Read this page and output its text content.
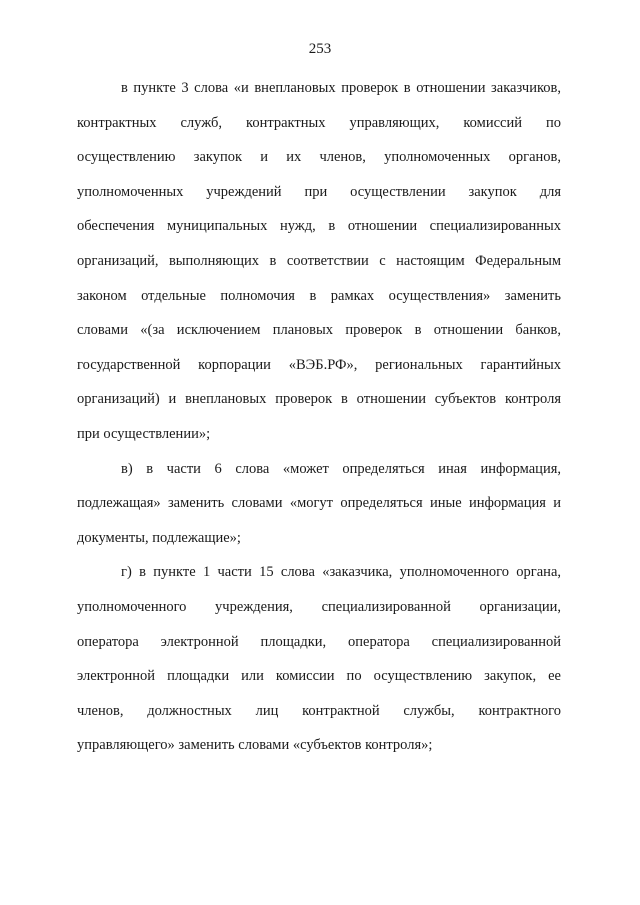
253
в пункте 3 слова «и внеплановых проверок в отношении заказчиков,
контрактных служб, контрактных управляющих, комиссий по
осуществлению закупок и их членов, уполномоченных органов,
уполномоченных учреждений при осуществлении закупок для
обеспечения муниципальных нужд, в отношении специализированных
организаций, выполняющих в соответствии с настоящим Федеральным
законом отдельные полномочия в рамках осуществления» заменить
словами «(за исключением плановых проверок в отношении банков,
государственной корпорации «ВЭБ.РФ», региональных гарантийных
организаций) и внеплановых проверок в отношении субъектов контроля
при осуществлении»;
в) в части 6 слова «может определяться иная информация,
подлежащая» заменить словами «могут определяться иные информация и
документы, подлежащие»;
г) в пункте 1 части 15 слова «заказчика, уполномоченного органа,
уполномоченного учреждения, специализированной организации,
оператора электронной площадки, оператора специализированной
электронной площадки или комиссии по осуществлению закупок, ее
членов, должностных лиц контрактной службы, контрактного
управляющего» заменить словами «субъектов контроля»;
